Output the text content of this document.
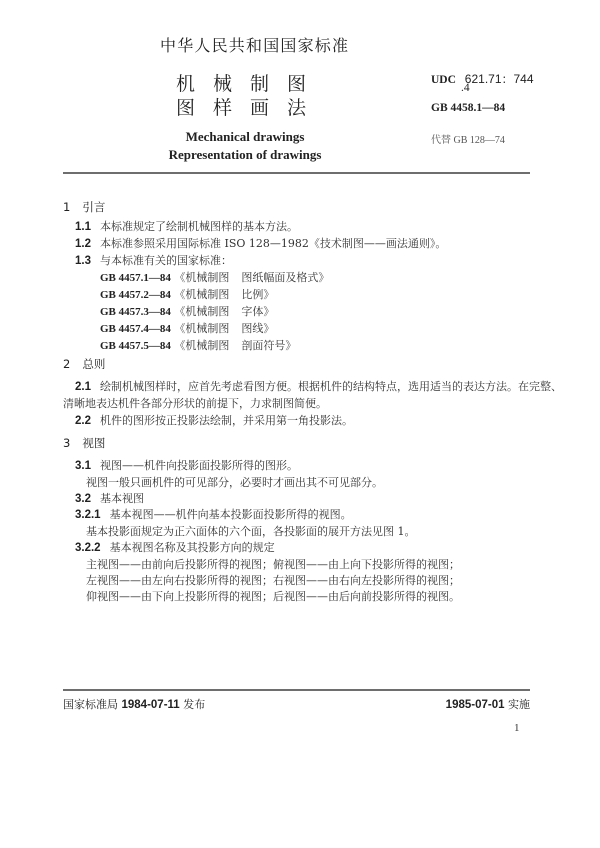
中华人民共和国国家标准
机 械 制 图
图 样 画 法
Mechanical drawings
Representation of drawings
UDC 621.71：744
.4
GB 4458.1—84
代替 GB 128—74
1 引言
1.1 本标准规定了绘制机械图样的基本方法。
1.2 本标准参照采用国际标准 ISO 128—1982《技术制图——画法通则》。
1.3 与本标准有关的国家标准：
GB 4457.1—84 《机械制图 图纸幅面及格式》
GB 4457.2—84 《机械制图 比例》
GB 4457.3—84 《机械制图 字体》
GB 4457.4—84 《机械制图 图线》
GB 4457.5—84 《机械制图 剖面符号》
2 总则
2.1 绘制机械图样时，应首先考虑看图方便。根据机件的结构特点，选用适当的表达方法。在完整、
清晰地表达机件各部分形状的前提下，力求制图简便。
2.2 机件的图形按正投影法绘制，并采用第一角投影法。
3 视图
3.1 视图——机件向投影面投影所得的图形。
视图一般只画机件的可见部分，必要时才画出其不可见部分。
3.2 基本视图
3.2.1 基本视图——机件向基本投影面投影所得的视图。
基本投影面规定为正六面体的六个面，各投影面的展开方法见图 1。
3.2.2 基本视图名称及其投影方向的规定
主视图——由前向后投影所得的视图；俯视图——由上向下投影所得的视图；
左视图——由左向右投影所得的视图；右视图——由右向左投影所得的视图；
仰视图——由下向上投影所得的视图；后视图——由后向前投影所得的视图。
国家标准局 1984-07-11 发布	1985-07-01 实施
1
